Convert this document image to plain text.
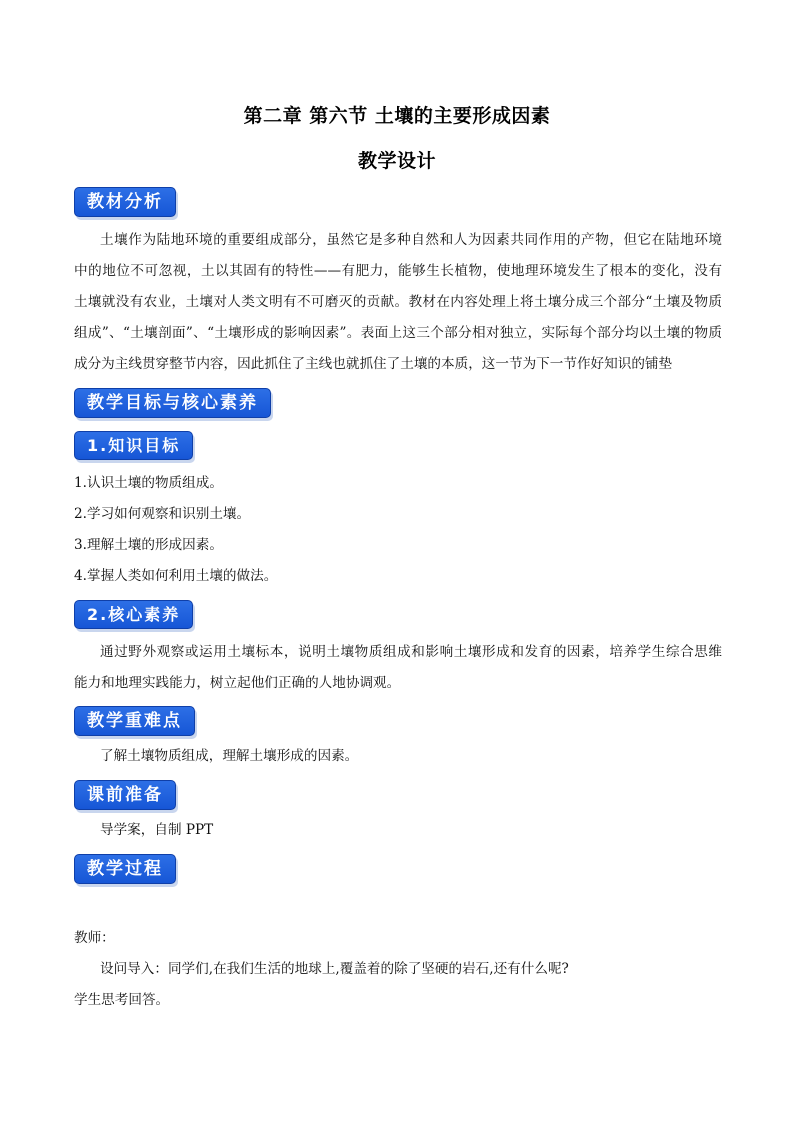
第二章 第六节 土壤的主要形成因素
教学设计
教材分析
土壤作为陆地环境的重要组成部分，虽然它是多种自然和人为因素共同作用的产物，但它在陆地环境
中的地位不可忽视，土以其固有的特性——有肥力，能够生长植物，使地理环境发生了根本的变化，没有
土壤就没有农业，土壤对人类文明有不可磨灭的贡献。教材在内容处理上将土壤分成三个部分“土壤及物质
组成”、“土壤剖面”、“土壤形成的影响因素”。表面上这三个部分相对独立，实际每个部分均以土壤的物质
成分为主线贯穿整节内容，因此抓住了主线也就抓住了土壤的本质，这一节为下一节作好知识的铺垫
教学目标与核心素养
1.知识目标
1.认识土壤的物质组成。
2.学习如何观察和识别土壤。
3.理解土壤的形成因素。
4.掌握人类如何利用土壤的做法。
2.核心素养
通过野外观察或运用土壤标本，说明土壤物质组成和影响土壤形成和发育的因素，培养学生综合思维
能力和地理实践能力，树立起他们正确的人地协调观。
教学重难点
了解土壤物质组成，理解土壤形成的因素。
课前准备
导学案，自制 PPT
教学过程
教师：
设问导入：同学们,在我们生活的地球上,覆盖着的除了坚硬的岩石,还有什么呢?
学生思考回答。
